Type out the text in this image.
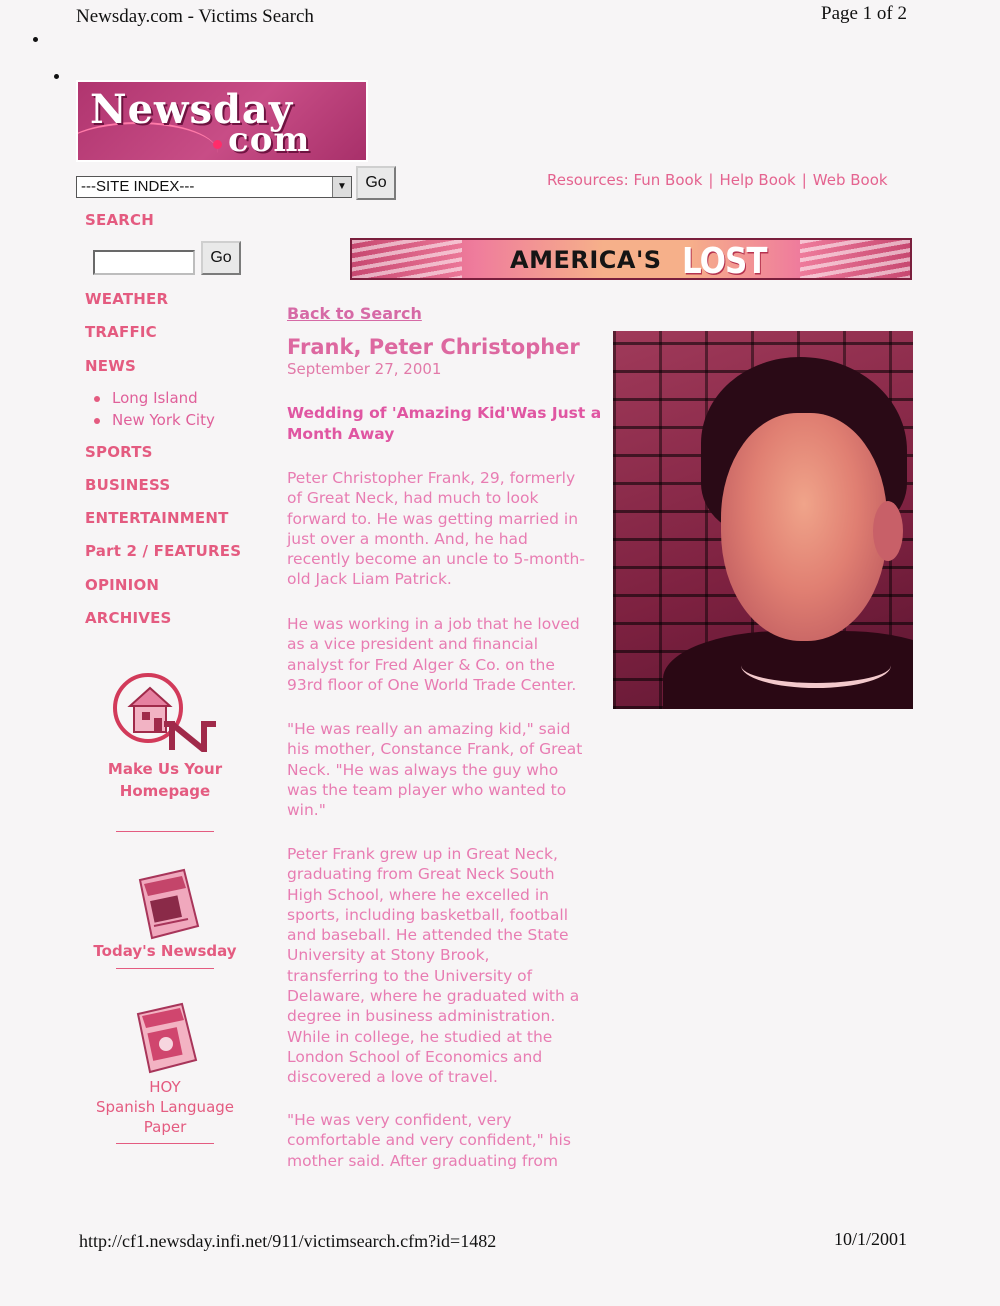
Newsday.com - Victims Search	Page 1 of 2
http://cf1.newsday.infi.net/911/victimsearch.cfm?id=1482	10/1/2001
Newsday
com
---SITE INDEX---	▼	Go	Resources: Fun Book | Help Book | Web Book
SEARCH
Go
WEATHER
TRAFFIC
NEWS
Long Island
New York City
SPORTS
BUSINESS
ENTERTAINMENT
Part 2 / FEATURES
OPINION
ARCHIVES
Make Us Your
Homepage
Today's Newsday
HOY
Spanish Language
Paper
AMERICA'S LOST
Back to Search
Frank, Peter Christopher
September 27, 2001
Wedding of 'Amazing Kid'Was Just a Month Away
Peter Christopher Frank, 29, formerly
of Great Neck, had much to look
forward to. He was getting married in
just over a month. And, he had
recently become an uncle to 5-month-
old Jack Liam Patrick.
He was working in a job that he loved
as a vice president and financial
analyst for Fred Alger & Co. on the
93rd floor of One World Trade Center.
"He was really an amazing kid," said
his mother, Constance Frank, of Great
Neck. "He was always the guy who
was the team player who wanted to
win."
Peter Frank grew up in Great Neck,
graduating from Great Neck South
High School, where he excelled in
sports, including basketball, football
and baseball. He attended the State
University at Stony Brook,
transferring to the University of
Delaware, where he graduated with a
degree in business administration.
While in college, he studied at the
London School of Economics and
discovered a love of travel.
"He was very confident, very
comfortable and very confident," his
mother said. After graduating from
